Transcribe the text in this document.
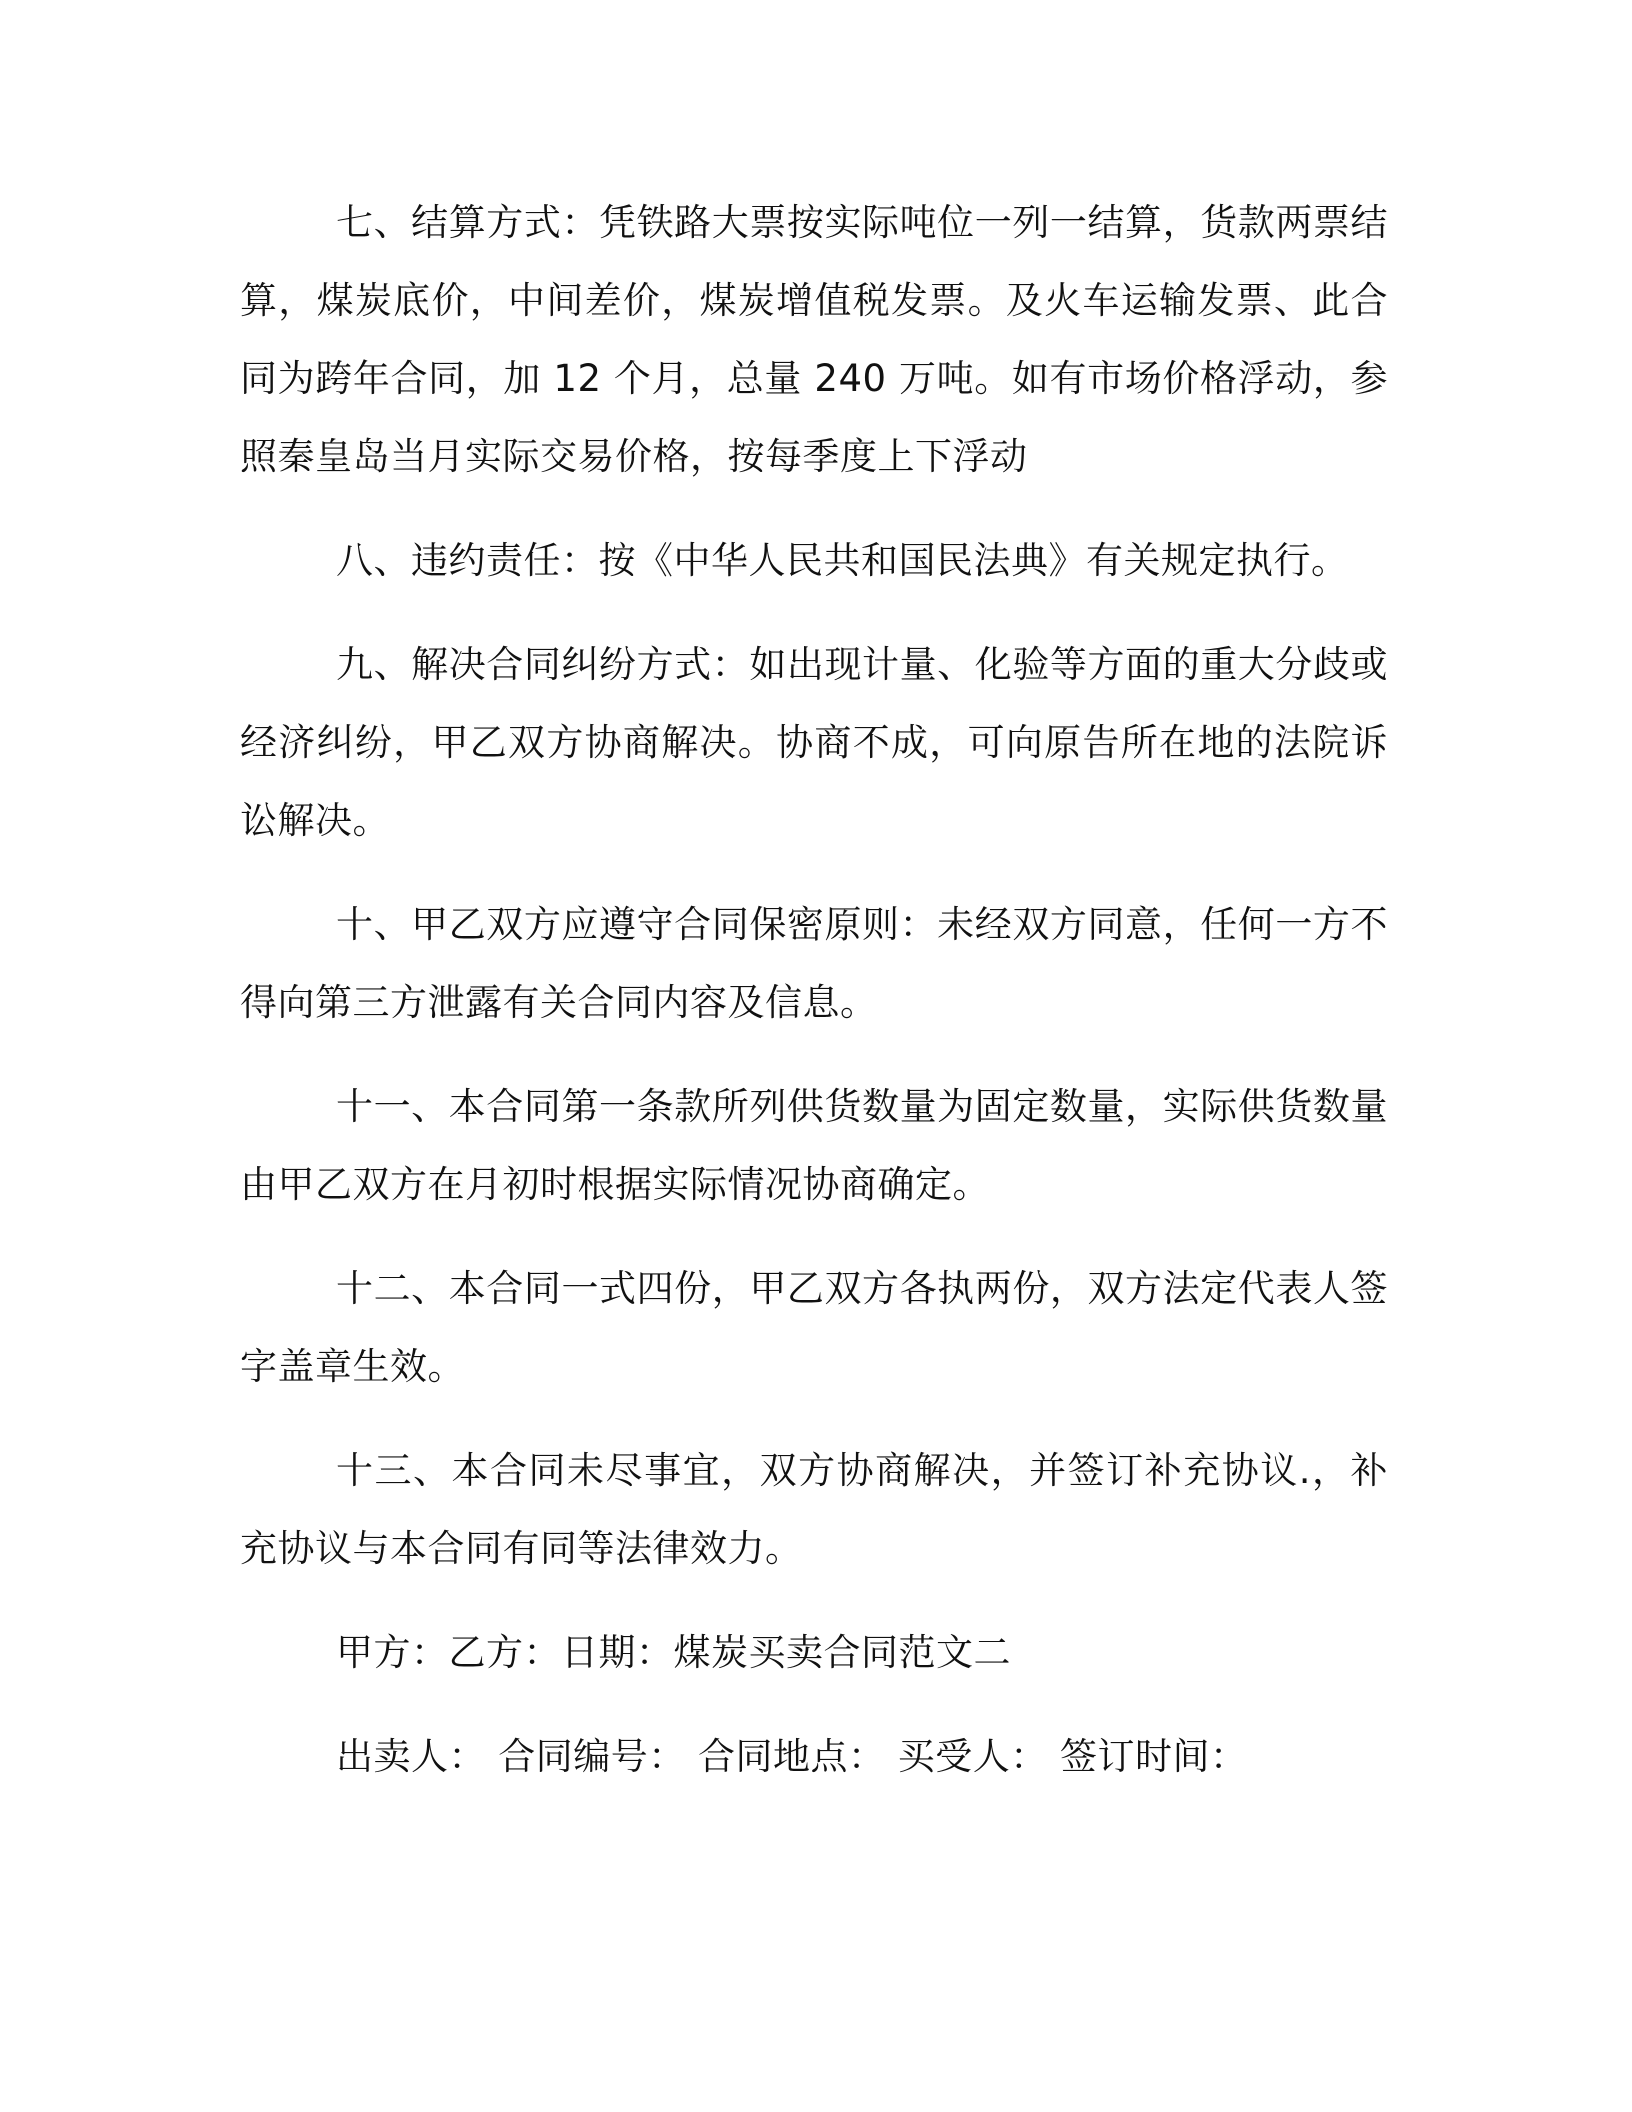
七、结算方式：凭铁路大票按实际吨位一列一结算，货款两票结算，煤炭底价，中间差价，煤炭增值税发票。及火车运输发票、此合同为跨年合同，加 12 个月，总量 240 万吨。如有市场价格浮动，参照秦皇岛当月实际交易价格，按每季度上下浮动

八、违约责任：按《中华人民共和国民法典》有关规定执行。

九、解决合同纠纷方式：如出现计量、化验等方面的重大分歧或经济纠纷，甲乙双方协商解决。协商不成，可向原告所在地的法院诉讼解决。

十、甲乙双方应遵守合同保密原则：未经双方同意，任何一方不得向第三方泄露有关合同内容及信息。

十一、本合同第一条款所列供货数量为固定数量，实际供货数量由甲乙双方在月初时根据实际情况协商确定。

十二、本合同一式四份，甲乙双方各执两份，双方法定代表人签字盖章生效。

十三、本合同未尽事宜，双方协商解决，并签订补充协议.，补充协议与本合同有同等法律效力。

甲方：乙方：日期：煤炭买卖合同范文二

出卖人： 合同编号： 合同地点： 买受人： 签订时间：
